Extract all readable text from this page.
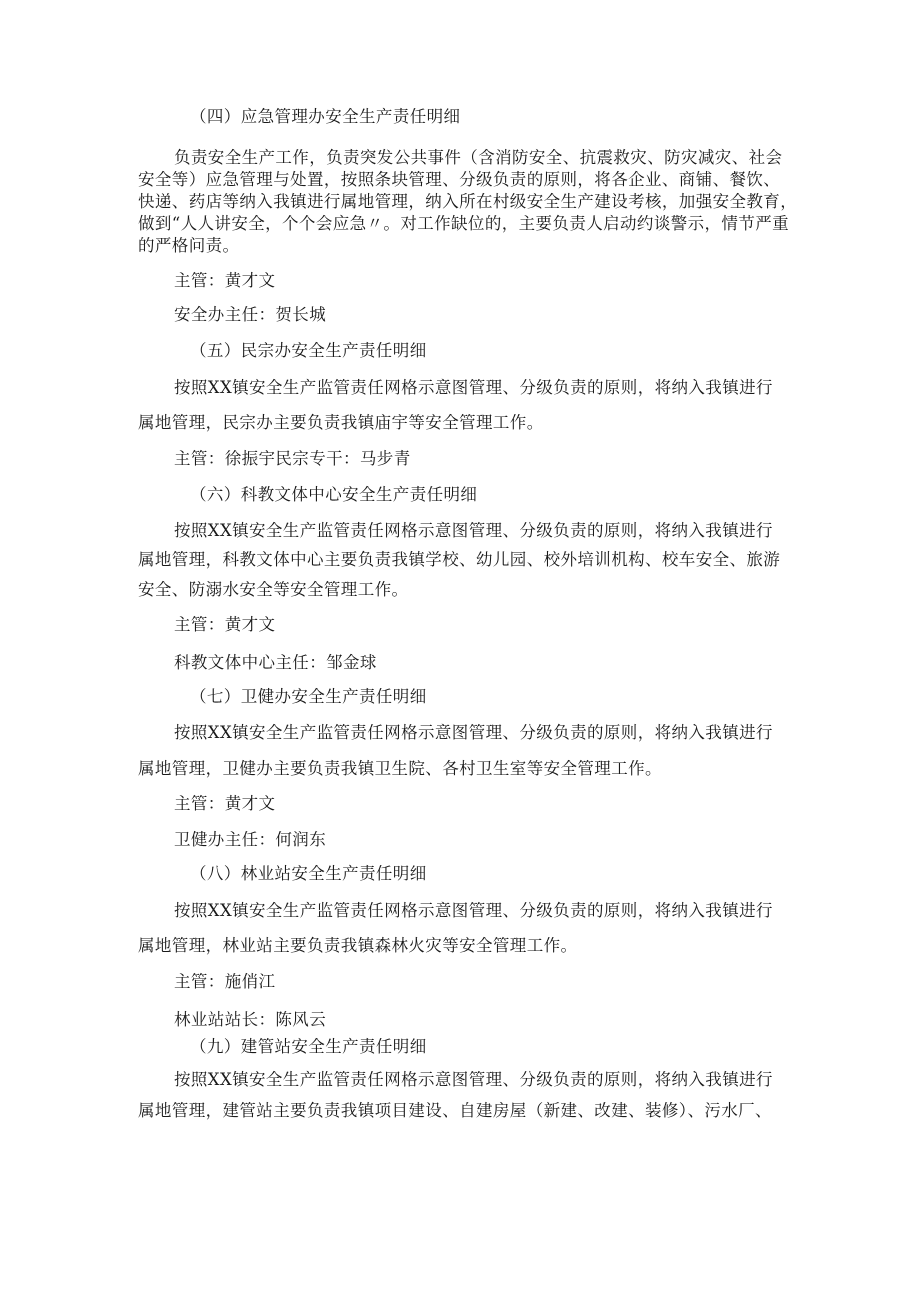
（四）应急管理办安全生产责任明细

负责安全生产工作，负责突发公共事件（含消防安全、抗震救灾、防灾减灾、社会

安全等）应急管理与处置，按照条块管理、分级负责的原则，将各企业、商铺、餐饮、

快递、药店等纳入我镇进行属地管理，纳入所在村级安全生产建设考核，加强安全教育，

做到“人人讲安全，个个会应急〃。对工作缺位的，主要负责人启动约谈警示，情节严重

的严格问责。

主管：黄才文

安全办主任：贺长城

（五）民宗办安全生产责任明细

按照XX镇安全生产监管责任网格示意图管理、分级负责的原则，将纳入我镇进行

属地管理，民宗办主要负责我镇庙宇等安全管理工作。

主管：徐振宇民宗专干：马步青

（六）科教文体中心安全生产责任明细

按照XX镇安全生产监管责任网格示意图管理、分级负责的原则，将纳入我镇进行

属地管理，科教文体中心主要负责我镇学校、幼儿园、校外培训机构、校车安全、旅游

安全、防溺水安全等安全管理工作。

主管：黄才文

科教文体中心主任：邹金球

（七）卫健办安全生产责任明细

按照XX镇安全生产监管责任网格示意图管理、分级负责的原则，将纳入我镇进行

属地管理，卫健办主要负责我镇卫生院、各村卫生室等安全管理工作。

主管：黄才文

卫健办主任：何润东

（八）林业站安全生产责任明细

按照XX镇安全生产监管责任网格示意图管理、分级负责的原则，将纳入我镇进行

属地管理，林业站主要负责我镇森林火灾等安全管理工作。

主管：施俏江

林业站站长：陈风云

（九）建管站安全生产责任明细

按照XX镇安全生产监管责任网格示意图管理、分级负责的原则，将纳入我镇进行

属地管理，建管站主要负责我镇项目建设、自建房屋（新建、改建、装修）、污水厂、
